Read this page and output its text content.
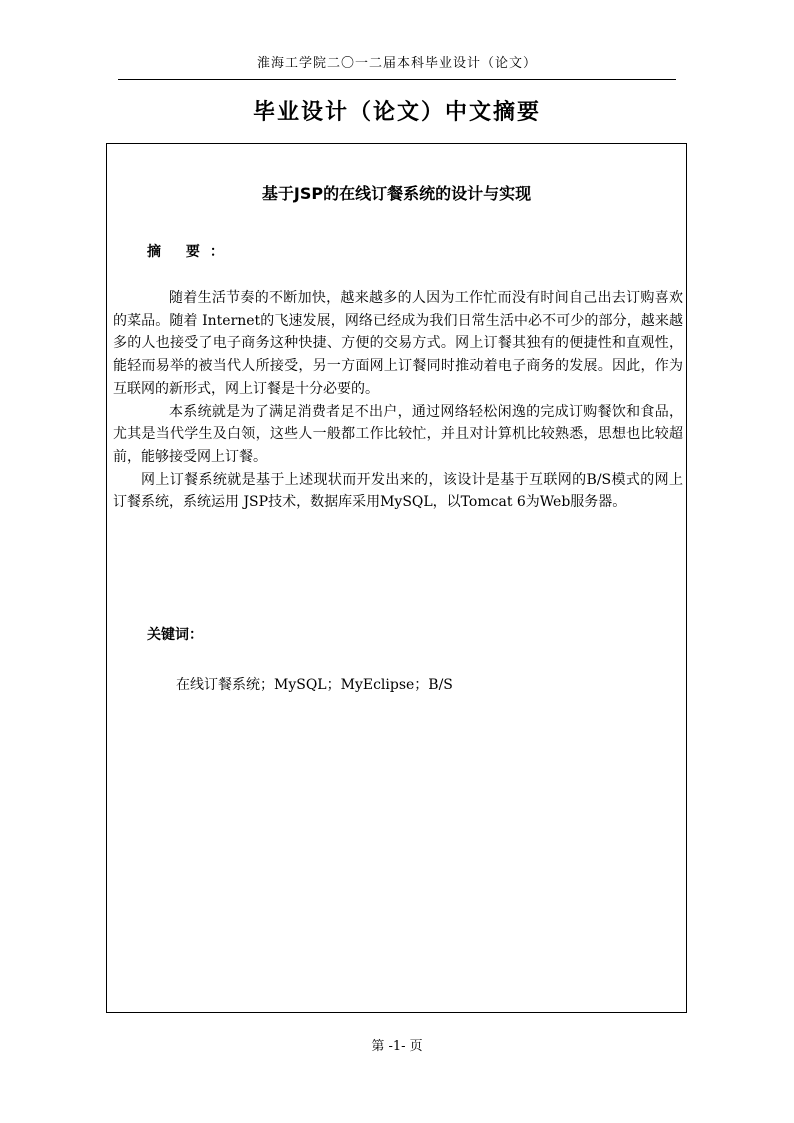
淮海工学院二〇一二届本科毕业设计（论文）
毕业设计（论文）中文摘要
基于JSP的在线订餐系统的设计与实现
摘 要：

随着生活节奏的不断加快，越来越多的人因为工作忙而没有时间自己出去订购喜欢的菜品。随着 Internet的飞速发展，网络已经成为我们日常生活中必不可少的部分，越来越多的人也接受了电子商务这种快捷、方便的交易方式。网上订餐其独有的便捷性和直观性，能轻而易举的被当代人所接受，另一方面网上订餐同时推动着电子商务的发展。因此，作为互联网的新形式，网上订餐是十分必要的。

本系统就是为了满足消费者足不出户，通过网络轻松闲逸的完成订购餐饮和食品，尤其是当代学生及白领，这些人一般都工作比较忙，并且对计算机比较熟悉，思想也比较超前，能够接受网上订餐。

网上订餐系统就是基于上述现状而开发出来的，该设计是基于互联网的B/S模式的网上订餐系统，系统运用 JSP技术，数据库采用MySQL，以Tomcat 6为Web服务器。

关键词：
在线订餐系统；MySQL；MyEclipse；B/S
第 -1- 页
